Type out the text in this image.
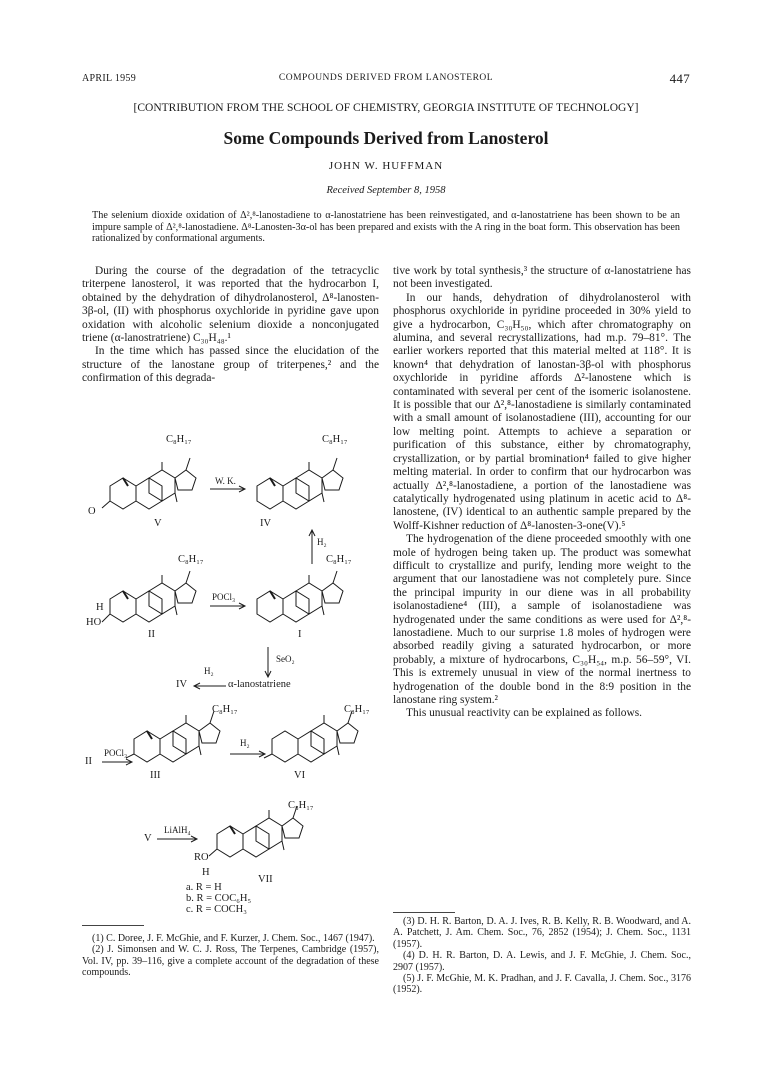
APRIL 1959	COMPOUNDS DERIVED FROM LANOSTEROL	447
[CONTRIBUTION FROM THE SCHOOL OF CHEMISTRY, GEORGIA INSTITUTE OF TECHNOLOGY]
Some Compounds Derived from Lanosterol
JOHN W. HUFFMAN
Received September 8, 1958
The selenium dioxide oxidation of Δ²,⁸-lanostadiene to α-lanostatriene has been reinvestigated, and α-lanostatriene has been shown to be an impure sample of Δ²,⁸-lanostadiene. Δ⁸-Lanosten-3α-ol has been prepared and exists with the A ring in the boat form. This observation has been rationalized by conformational arguments.

During the course of the degradation of the tetracyclic triterpene lanosterol, it was reported that the hydrocarbon I, obtained by the dehydration of dihydrolanosterol, Δ⁸-lanosten-3β-ol, (II) with phosphorus oxychloride in pyridine gave upon oxidation with alcoholic selenium dioxide a nonconjugated triene (α-lanostratriene) C₃₀H₄₈.¹

In the time which has passed since the elucidation of the structure of the lanostane group of triterpenes,² and the confirmation of this degrada-

tive work by total synthesis,³ the structure of α-lanostatriene has not been investigated.

In our hands, dehydration of dihydrolanosterol with phosphorus oxychloride in pyridine proceeded in 30% yield to give a hydrocarbon, C₃₀H₅₀, which after chromatography on alumina, and several recrystallizations, had m.p. 79–81°. The earlier workers reported that this material melted at 118°. It is known⁴ that dehydration of lanostan-3β-ol with phosphorus oxychloride in pyridine affords Δ²-lanostene which is contaminated with several per cent of the isomeric isolanostene. It is possible that our Δ²,⁸-lanostadiene is similarly contaminated with a small amount of isolanostadiene (III), accounting for our low melting point. Attempts to achieve a separation or purification of this substance, either by chromatography, crystallization, or by partial bromination⁴ failed to give higher melting material. In order to confirm that our hydrocarbon was actually Δ²,⁸-lanostadiene, a portion of the lanostadiene was catalytically hydrogenated using platinum in acetic acid to Δ⁸-lanostene, (IV) identical to an authentic sample prepared by the Wolff-Kishner reduction of Δ⁸-lanosten-3-one(V).⁵

The hydrogenation of the diene proceeded smoothly with one mole of hydrogen being taken up. The product was somewhat difficult to crystallize and purify, lending more weight to the argument that our lanostadiene was not completely pure. Since the principal impurity in our diene was in all probability isolanostadiene⁴ (III), a sample of isolanostadiene was hydrogenated under the same conditions as were used for Δ²,⁸-lanostadiene. Much to our surprise 1.8 moles of hydrogen were absorbed readily giving a saturated hydrocarbon, or more probably, a mixture of hydrocarbons, C₃₀H₅₄, m.p. 56–59°, VI. This is extremely unusual in view of the normal inertness to hydrogenation of the double bond in the 8:9 position in the lanostane ring system.²

This unusual reactivity can be explained as follows.

C₈H₁₇	C₈H₁₇
O
W. K.
V	IV
H₂
C₈H₁₇	C₈H₁₇
POCl₃
H
HO
II	I
SeO₂
H₂
IV	α-lanostatriene
C₈H₁₇	C₈H₁₇
POCl₃
II
H₂
III	VI
C₈H₁₇
LiAlH₄
V
RO
H
VII
a. R = H
b. R = COC₆H₅
c. R = COCH₃

(1) C. Doree, J. F. McGhie, and F. Kurzer, J. Chem. Soc., 1467 (1947).

(2) J. Simonsen and W. C. J. Ross, The Terpenes, Cambridge (1957), Vol. IV, pp. 39–116, give a complete account of the degradation of these compounds.

(3) D. H. R. Barton, D. A. J. Ives, R. B. Kelly, R. B. Woodward, and A. A. Patchett, J. Am. Chem. Soc., 76, 2852 (1954); J. Chem. Soc., 1131 (1957).

(4) D. H. R. Barton, D. A. Lewis, and J. F. McGhie, J. Chem. Soc., 2907 (1957).

(5) J. F. McGhie, M. K. Pradhan, and J. F. Cavalla, J. Chem. Soc., 3176 (1952).
